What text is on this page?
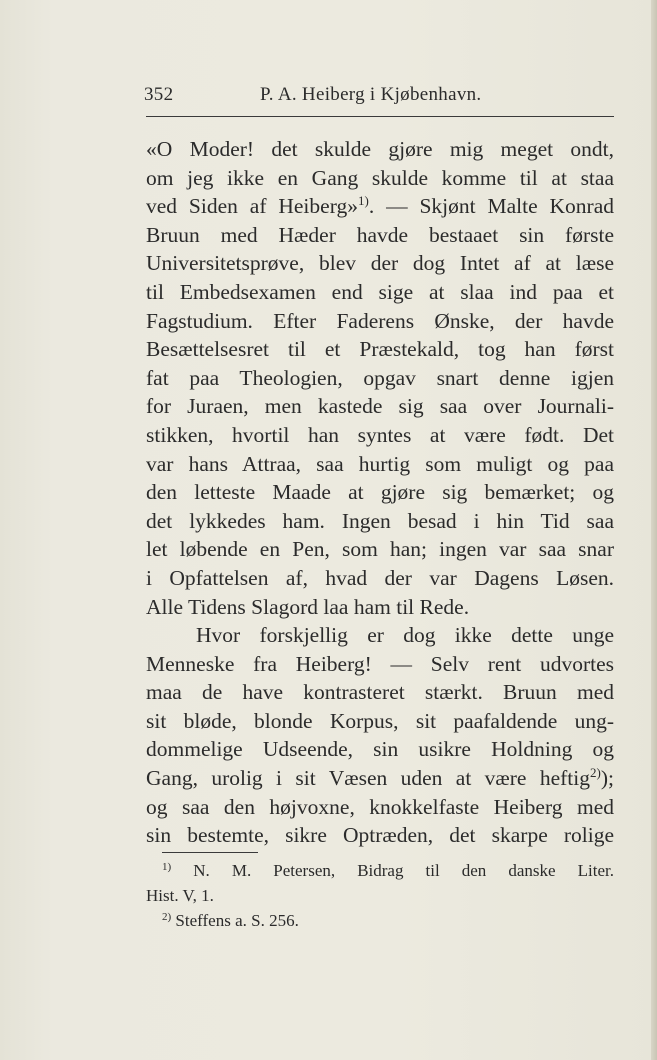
352	P. A. Heiberg i Kjøbenhavn.
«O Moder! det skulde gjøre mig meget ondt,
om jeg ikke en Gang skulde komme til at staa
ved Siden af Heiberg»$^{1)}$. — Skjønt Malte Konrad
Bruun med Hæder havde bestaaet sin første
Universitetsprøve, blev der dog Intet af at læse
til Embedsexamen end sige at slaa ind paa et
Fagstudium. Efter Faderens Ønske, der havde
Besættelsesret til et Præstekald, tog han først
fat paa Theologien, opgav snart denne igjen
for Juraen, men kastede sig saa over Journali-
stikken, hvortil han syntes at være født. Det
var hans Attraa, saa hurtig som muligt og paa
den letteste Maade at gjøre sig bemærket; og
det lykkedes ham. Ingen besad i hin Tid saa
let løbende en Pen, som han; ingen var saa snar
i Opfattelsen af, hvad der var Dagens Løsen.
Alle Tidens Slagord laa ham til Rede.
Hvor forskjellig er dog ikke dette unge
Menneske fra Heiberg! — Selv rent udvortes
maa de have kontrasteret stærkt. Bruun med
sit bløde, blonde Korpus, sit paafaldende ung-
dommelige Udseende, sin usikre Holdning og
Gang, urolig i sit Væsen uden at være heftig$^{2)}$);
og saa den højvoxne, knokkelfaste Heiberg med
sin bestemte, sikre Optræden, det skarpe rolige
$^{1)}$ N. M. Petersen, Bidrag til den danske Liter.
Hist. V, 1.
$^{2)}$ Steffens a. S. 256.
